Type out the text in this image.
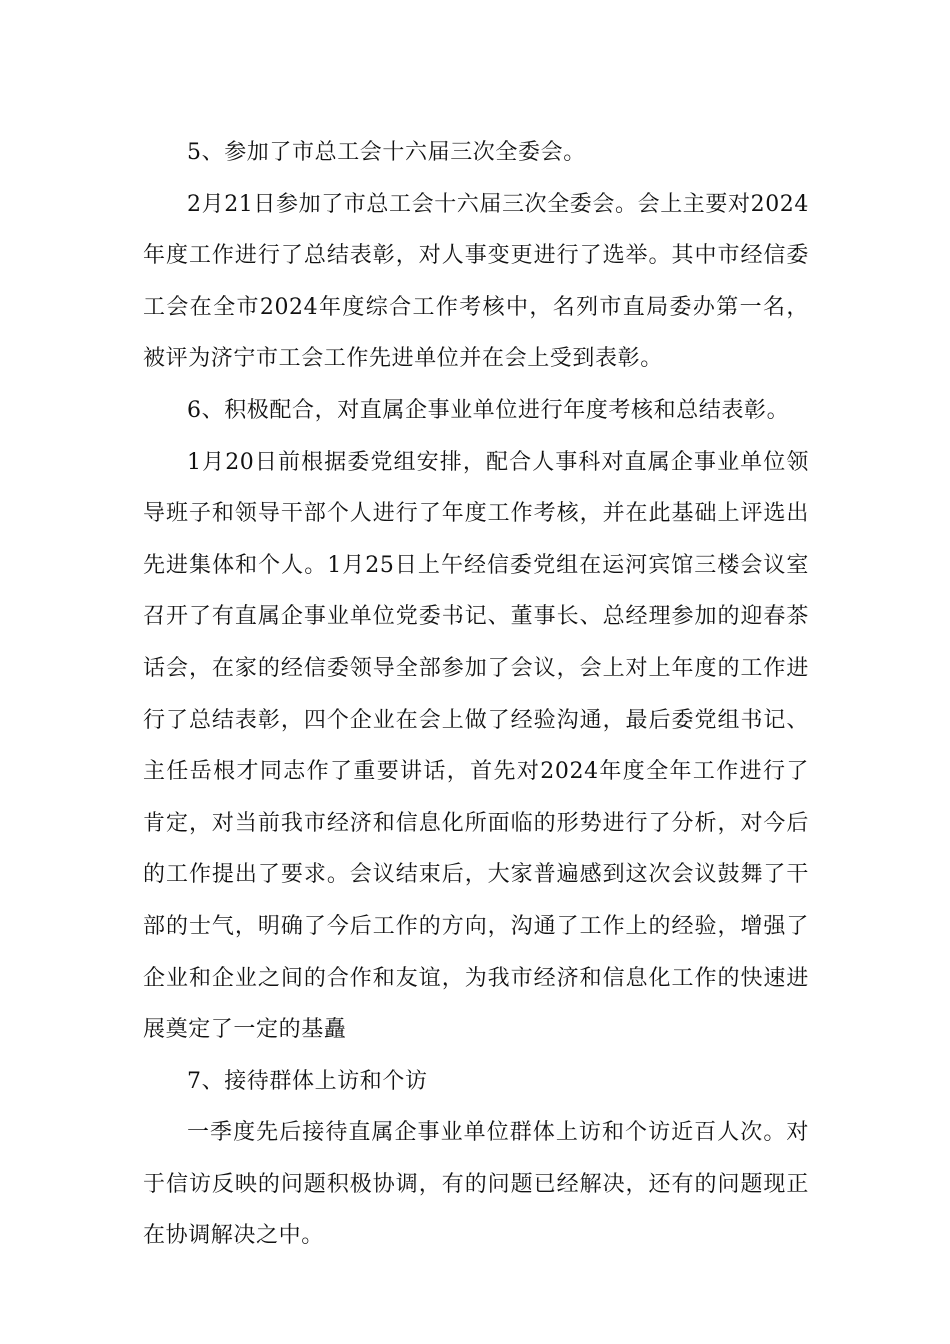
5、参加了市总工会十六届三次全委会。

2月21日参加了市总工会十六届三次全委会。会上主要对2024年度工作进行了总结表彰，对人事变更进行了选举。其中市经信委工会在全市2024年度综合工作考核中，名列市直局委办第一名，被评为济宁市工会工作先进单位并在会上受到表彰。

6、积极配合，对直属企事业单位进行年度考核和总结表彰。

1月20日前根据委党组安排，配合人事科对直属企事业单位领导班子和领导干部个人进行了年度工作考核，并在此基础上评选出先进集体和个人。1月25日上午经信委党组在运河宾馆三楼会议室召开了有直属企事业单位党委书记、董事长、总经理参加的迎春茶话会，在家的经信委领导全部参加了会议，会上对上年度的工作进行了总结表彰，四个企业在会上做了经验沟通，最后委党组书记、主任岳根才同志作了重要讲话，首先对2024年度全年工作进行了肯定，对当前我市经济和信息化所面临的形势进行了分析，对今后的工作提出了要求。会议结束后，大家普遍感到这次会议鼓舞了干部的士气，明确了今后工作的方向，沟通了工作上的经验，增强了企业和企业之间的合作和友谊，为我市经济和信息化工作的快速进展奠定了一定的基矗

7、接待群体上访和个访

一季度先后接待直属企事业单位群体上访和个访近百人次。对于信访反映的问题积极协调，有的问题已经解决，还有的问题现正在协调解决之中。
